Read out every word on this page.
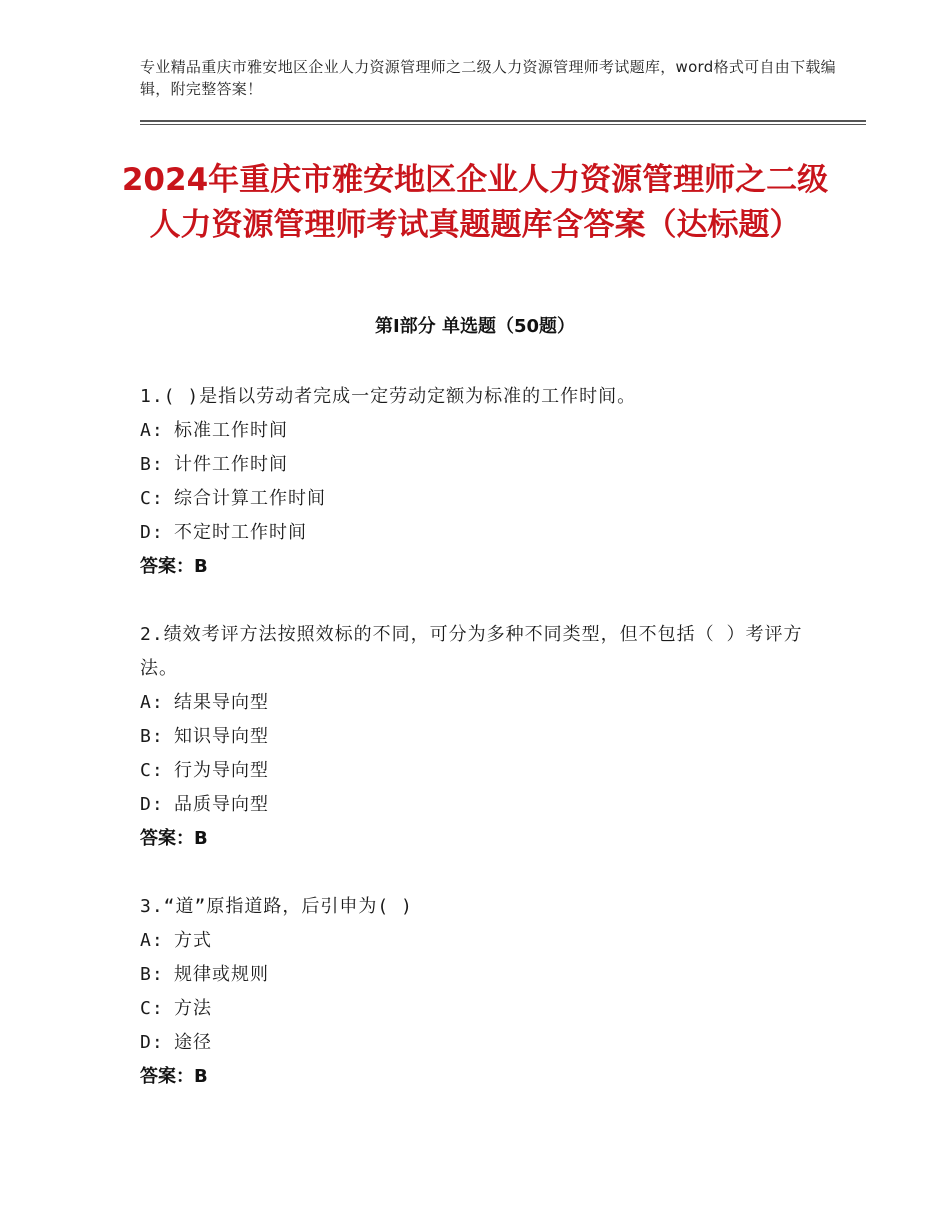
专业精品重庆市雅安地区企业人力资源管理师之二级人力资源管理师考试题库，word格式可自由下载编辑，附完整答案！
2024年重庆市雅安地区企业人力资源管理师之二级人力资源管理师考试真题题库含答案（达标题）
第Ⅰ部分 单选题（50题）

1.( )是指以劳动者完成一定劳动定额为标准的工作时间。

A: 标准工作时间

B: 计件工作时间

C: 综合计算工作时间

D: 不定时工作时间

答案：B

2.绩效考评方法按照效标的不同，可分为多种不同类型，但不包括（ ）考评方法。

A: 结果导向型

B: 知识导向型

C: 行为导向型

D: 品质导向型

答案：B

3.“道”原指道路，后引申为( )

A: 方式

B: 规律或规则

C: 方法

D: 途径

答案：B
